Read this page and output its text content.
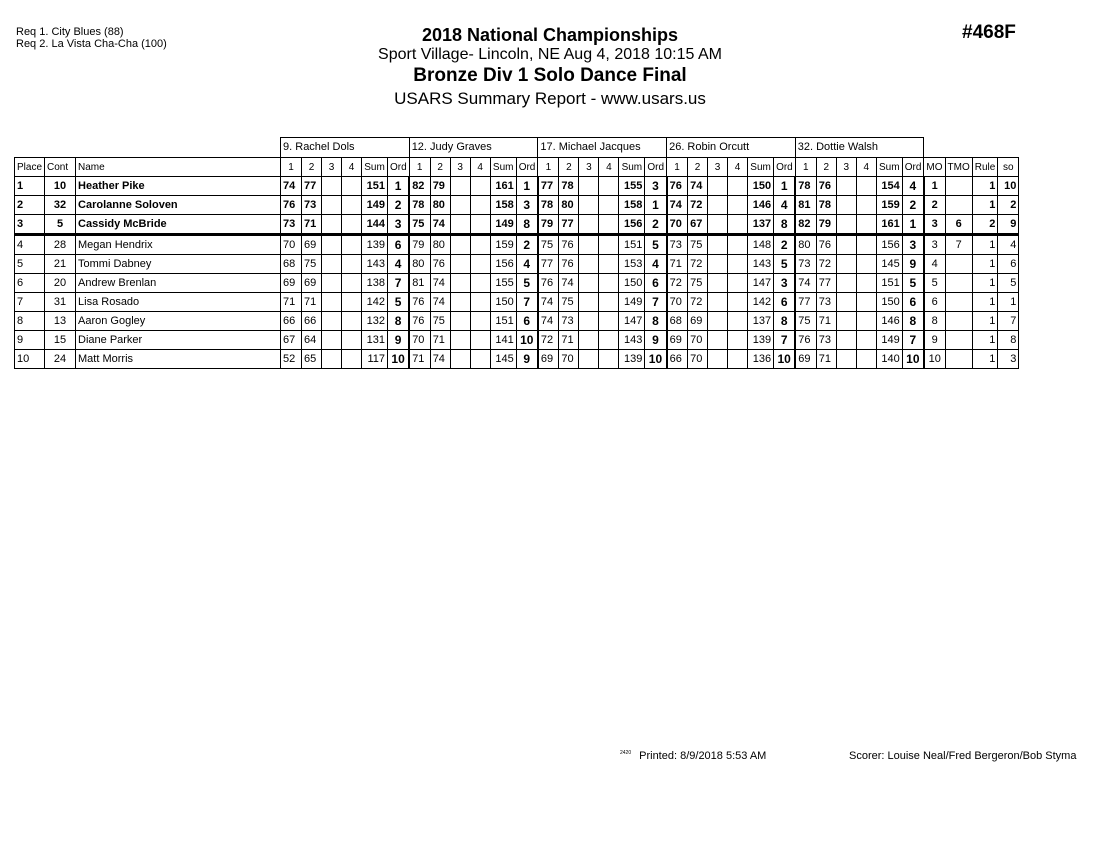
Req 1. City Blues (88)
Req 2. La Vista Cha-Cha (100)
#468F
2018 National Championships
Sport Village- Lincoln, NE Aug 4, 2018 10:15 AM
Bronze Div 1 Solo Dance Final
USARS Summary Report - www.usars.us
			9. Rachel Dols						12. Judy Graves						17. Michael Jacques						26. Robin Orcutt						32. Dottie Walsh									
Place	Cont	Name	1	2	3	4	Sum	Ord	1	2	3	4	Sum	Ord	1	2	3	4	Sum	Ord	1	2	3	4	Sum	Ord	1	2	3	4	Sum	Ord	MO	TMO	Rule	so
1	10	Heather Pike	74	77			151	1	82	79			161	1	77	78			155	3	76	74			150	1	78	76			154	4	1		1	10
2	32	Carolanne Soloven	76	73			149	2	78	80			158	3	78	80			158	1	74	72			146	4	81	78			159	2	2		1	2
3	5	Cassidy McBride	73	71			144	3	75	74			149	8	79	77			156	2	70	67			137	8	82	79			161	1	3	6	2	9
4	28	Megan Hendrix	70	69			139	6	79	80			159	2	75	76			151	5	73	75			148	2	80	76			156	3	3	7	1	4
5	21	Tommi Dabney	68	75			143	4	80	76			156	4	77	76			153	4	71	72			143	5	73	72			145	9	4		1	6
6	20	Andrew Brenlan	69	69			138	7	81	74			155	5	76	74			150	6	72	75			147	3	74	77			151	5	5		1	5
7	31	Lisa Rosado	71	71			142	5	76	74			150	7	74	75			149	7	70	72			142	6	77	73			150	6	6		1	1
8	13	Aaron Gogley	66	66			132	8	76	75			151	6	74	73			147	8	68	69			137	8	75	71			146	8	8		1	7
9	15	Diane Parker	67	64			131	9	70	71			141	10	72	71			143	9	69	70			139	7	76	73			149	7	9		1	8
10	24	Matt Morris	52	65			117	10	71	74			145	9	69	70			139	10	66	70			136	10	69	71			140	10	10		1	3
$^{2420}$ Printed: 8/9/2018 5:53 AM	Scorer: Louise Neal/Fred Bergeron/Bob Styma
